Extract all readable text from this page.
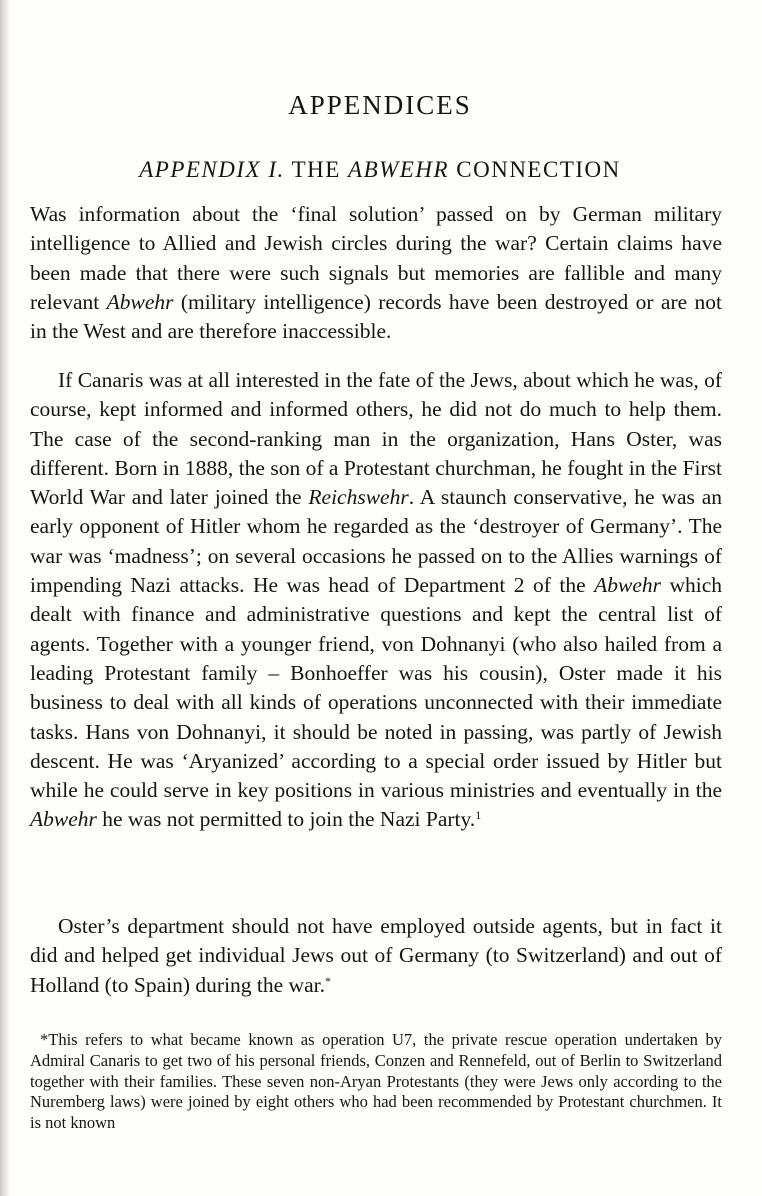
APPENDICES
APPENDIX I. THE ABWEHR CONNECTION

Was information about the ‘final solution’ passed on by German military intelligence to Allied and Jewish circles during the war? Certain claims have been made that there were such signals but memories are fallible and many relevant Abwehr (military intelligence) records have been destroyed or are not in the West and are therefore inaccessible.

If Canaris was at all interested in the fate of the Jews, about which he was, of course, kept informed and informed others, he did not do much to help them. The case of the second-ranking man in the organization, Hans Oster, was different. Born in 1888, the son of a Protestant churchman, he fought in the First World War and later joined the Reichswehr. A staunch conservative, he was an early opponent of Hitler whom he regarded as the ‘destroyer of Germany’. The war was ‘madness’; on several occasions he passed on to the Allies warnings of impending Nazi attacks. He was head of Department 2 of the Abwehr which dealt with finance and administrative questions and kept the central list of agents. Together with a younger friend, von Dohnanyi (who also hailed from a leading Protestant family – Bonhoeffer was his cousin), Oster made it his business to deal with all kinds of operations unconnected with their immediate tasks. Hans von Dohnanyi, it should be noted in passing, was partly of Jewish descent. He was ‘Aryanized’ according to a special order issued by Hitler but while he could serve in key positions in various ministries and eventually in the Abwehr he was not permitted to join the Nazi Party.$^1$

Oster’s department should not have employed outside agents, but in fact it did and helped get individual Jews out of Germany (to Switzerland) and out of Holland (to Spain) during the war.*

*This refers to what became known as operation U7, the private rescue operation undertaken by Admiral Canaris to get two of his personal friends, Conzen and Rennefeld, out of Berlin to Switzerland together with their families. These seven non-Aryan Protestants (they were Jews only according to the Nuremberg laws) were joined by eight others who had been recommended by Protestant churchmen. It is not known
